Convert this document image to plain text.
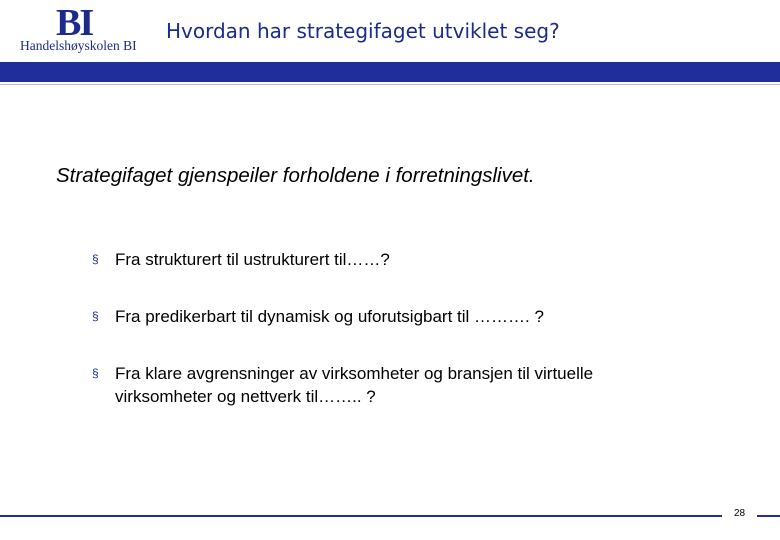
BI
Handelshøyskolen BI
Hvordan har strategifaget utviklet seg?
Strategifaget gjenspeiler forholdene i forretningslivet.
§ Fra strukturert til ustrukturert til……?
§ Fra predikerbart til dynamisk og uforutsigbart til ………. ?
§ Fra klare avgrensninger av virksomheter og bransjen til virtuelle virksomheter og nettverk til…….. ?
28
